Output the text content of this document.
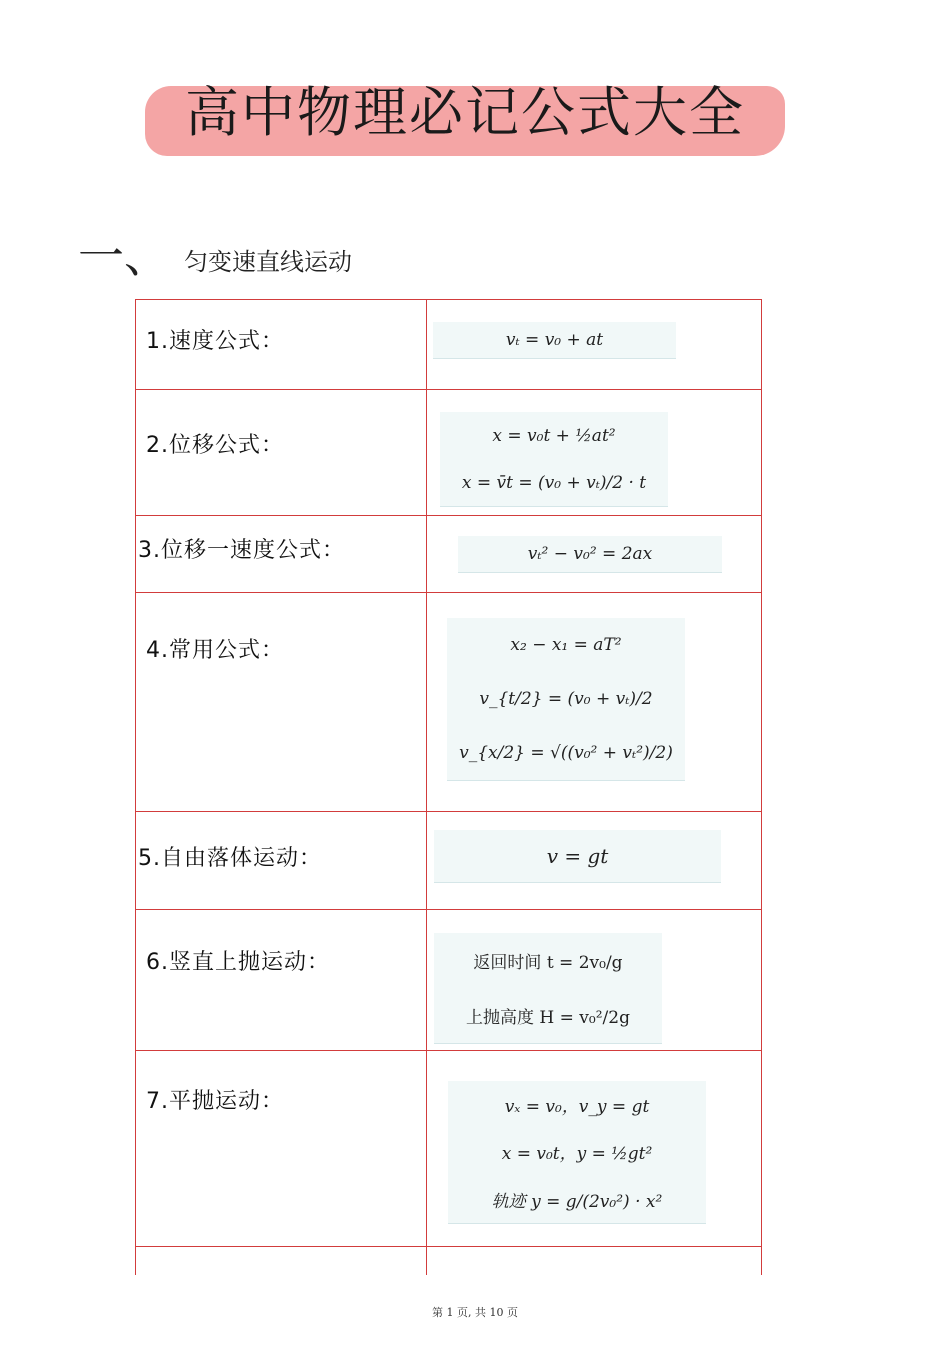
高中物理必记公式大全
一、 匀变速直线运动
1.速度公式：	vₜ = v₀ + at
2.位移公式：	x = v₀t + ½at²
x = v̄t = (v₀ + vₜ)/2 · t
3.位移一速度公式：	vₜ² − v₀² = 2ax
4.常用公式：	x₂ − x₁ = aT²
v_{t/2} = (v₀ + vₜ)/2
v_{x/2} = √((v₀² + vₜ²)/2)
5.自由落体运动：	v = gt
6.竖直上抛运动：	返回时间 t = 2v₀/g
上抛高度 H = v₀²/2g
7.平抛运动：	vₓ = v₀，v_y = gt
x = v₀t，y = ½gt²
轨迹 y = g/(2v₀²) · x²
第 1 页, 共 10 页
